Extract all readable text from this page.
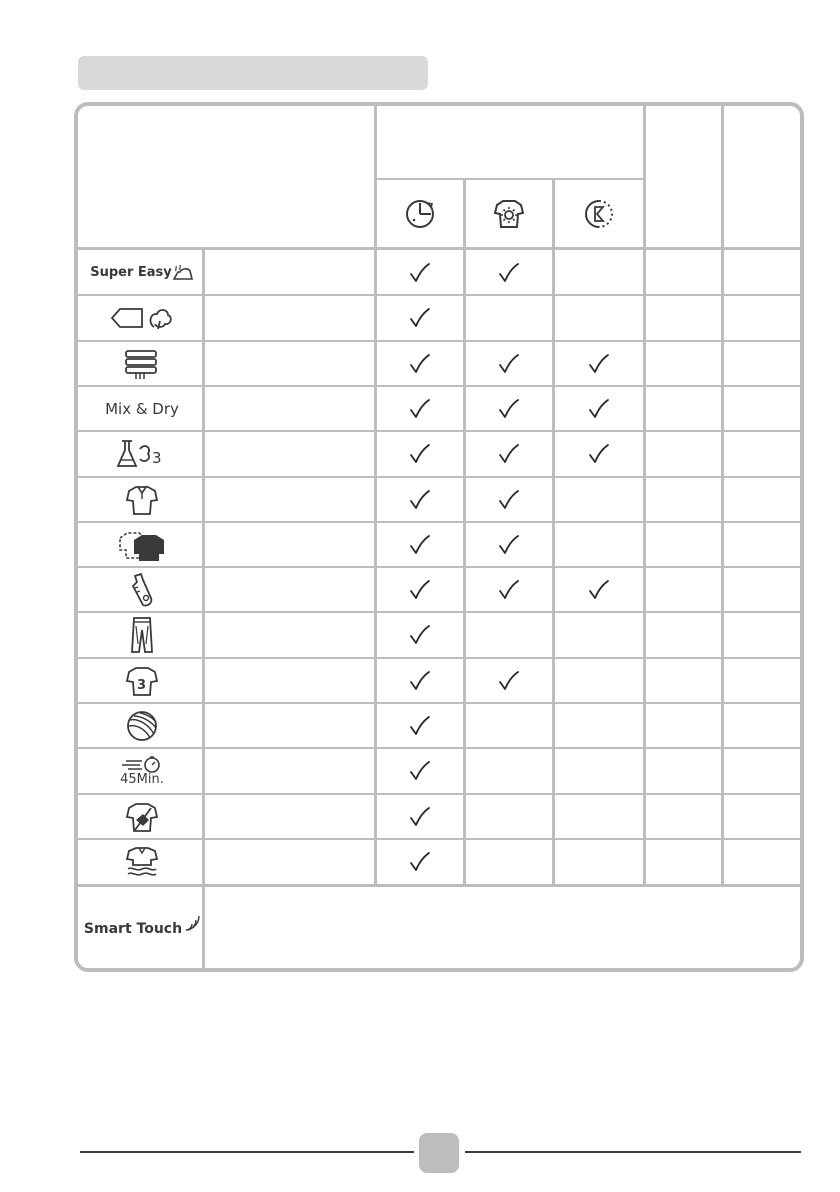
Super Easy
Mix & Dry
3
3
45Min.
Smart Touch
